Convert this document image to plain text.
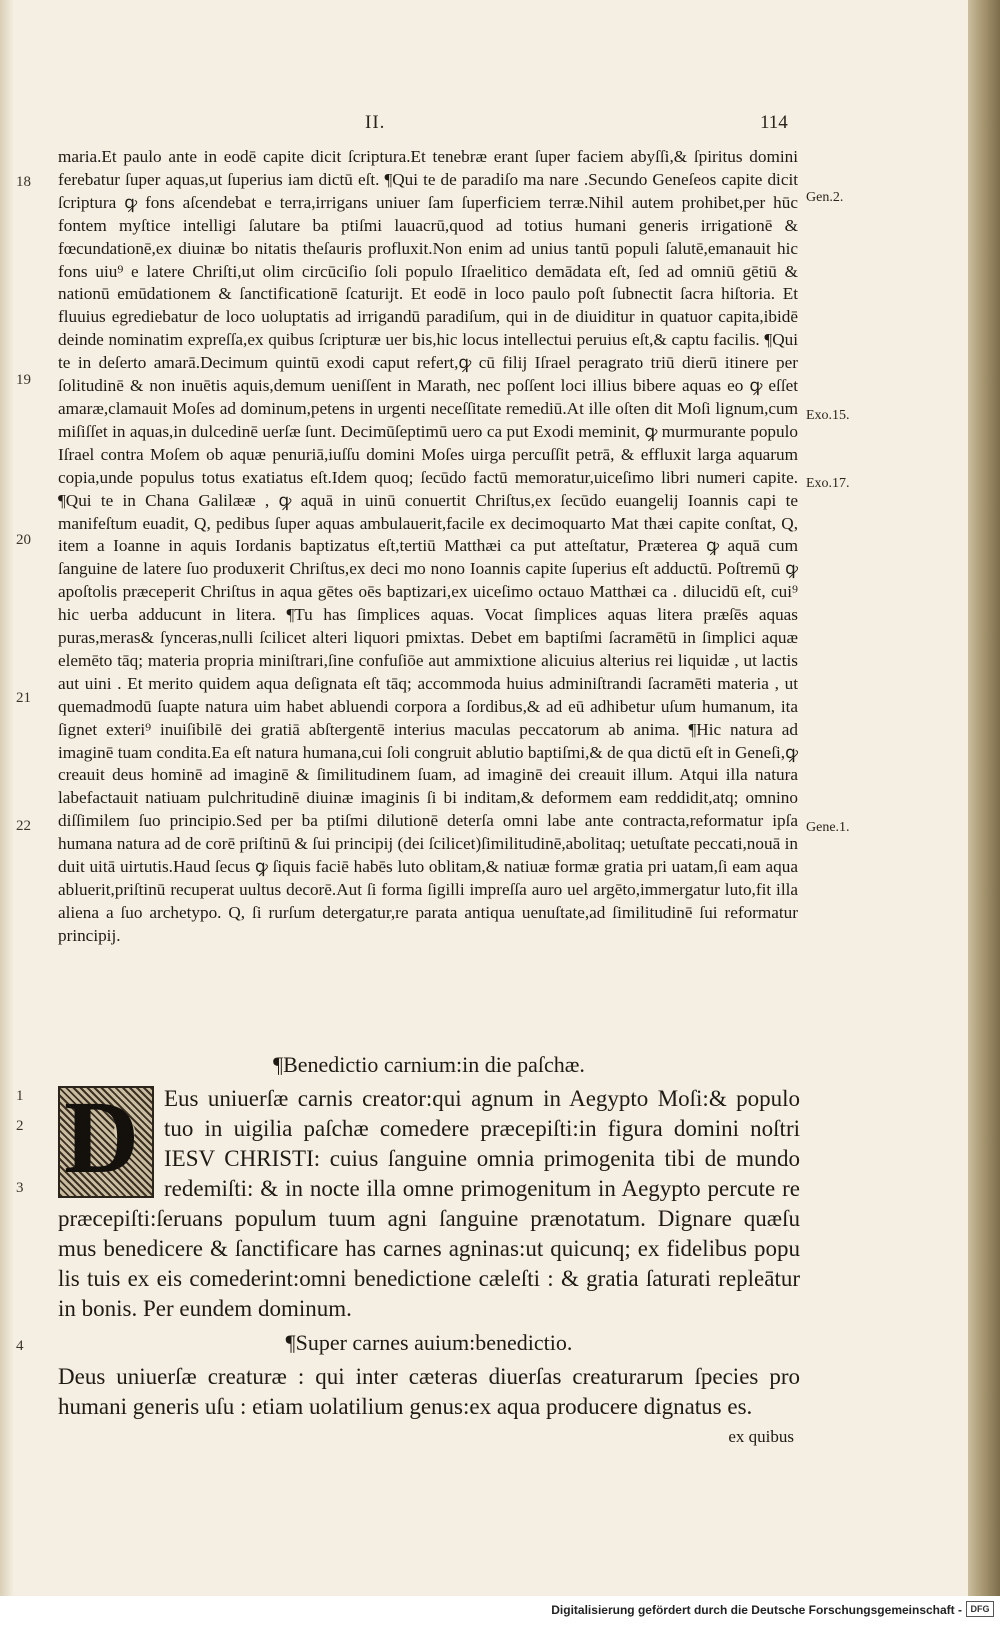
II.	114

maria.Et paulo ante in eodē capite dicit ſcriptura.Et tenebræ erant ſuper faciem abyſſi,& ſpiritus domini ferebatur ſuper aquas,ut ſuperius iam dictū eſt. ¶Qui te de paradiſo ma nare .Secundo Geneſeos capite dicit ſcriptura ꝙ fons aſcendebat e terra,irrigans uniuer ſam ſuperficiem terræ.Nihil autem prohibet,per hūc fontem myſtice intelligi ſalutare ba ptiſmi lauacrū,quod ad totius humani generis irrigationē & fœcundationē,ex diuinæ bo nitatis theſauris profluxit.Non enim ad unius tantū populi ſalutē,emanauit hic fons uiu⁹ e latere Chriſti,ut olim circūciſio ſoli populo Iſraelitico demādata eſt, ſed ad omniū gētiū & nationū emūdationem & ſanctificationē ſcaturijt. Et eodē in loco paulo poſt ſubnectit ſacra hiſtoria. Et fluuius egrediebatur de loco uoluptatis ad irrigandū paradiſum, qui in de diuiditur in quatuor capita,ibidē deinde nominatim expreſſa,ex quibus ſcripturæ uer bis,hic locus intellectui peruius eſt,& captu facilis. ¶Qui te in deſerto amarā.Decimum quintū exodi caput refert,ꝙ cū filij Iſrael peragrato triū dierū itinere per ſolitudinē & non inuētis aquis,demum ueniſſent in Marath, nec poſſent loci illius bibere aquas eo ꝙ eſſet amaræ,clamauit Moſes ad dominum,petens in urgenti neceſſitate remediū.At ille oſten dit Moſi lignum,cum miſiſſet in aquas,in dulcedinē uerſæ ſunt. Decimūſeptimū uero ca put Exodi meminit, ꝙ murmurante populo Iſrael contra Moſem ob aquæ penuriā,iuſſu domini Moſes uirga percuſſit petrā, & effluxit larga aquarum copia,unde populus totus exatiatus eſt.Idem quoq; ſecūdo factū memoratur,uiceſimo libri numeri capite. ¶Qui te in Chana Galilææ , ꝙ aquā in uinū conuertit Chriſtus,ex ſecūdo euangelij Ioannis capi te manifeſtum euadit, Q, pedibus ſuper aquas ambulauerit,facile ex decimoquarto Mat thæi capite conſtat, Q, item a Ioanne in aquis Iordanis baptizatus eſt,tertiū Matthæi ca put atteſtatur, Præterea ꝙ aquā cum ſanguine de latere ſuo produxerit Chriſtus,ex deci mo nono Ioannis capite ſuperius eſt adductū. Poſtremū ꝙ apoſtolis præceperit Chriſtus in aqua gētes oēs baptizari,ex uiceſimo octauo Matthæi ca . dilucidū eſt, cui⁹ hic uerba adducunt in litera. ¶Tu has ſimplices aquas. Vocat ſimplices aquas litera præſēs aquas puras,meras& ſynceras,nulli ſcilicet alteri liquori pmixtas. Debet em baptiſmi ſacramētū in ſimplici aquæ elemēto tāq; materia propria miniſtrari,ſine confuſiōe aut ammixtione alicuius alterius rei liquidæ , ut lactis aut uini . Et merito quidem aqua deſignata eſt tāq; accommoda huius adminiſtrandi ſacramēti materia , ut quemadmodū ſuapte natura uim habet abluendi corpora a ſordibus,& ad eū adhibetur uſum humanum, ita ſignet exteri⁹ inuiſibilē dei gratiā abſtergentē interius maculas peccatorum ab anima. ¶Hic natura ad imaginē tuam condita.Ea eſt natura humana,cui ſoli congruit ablutio baptiſmi,& de qua dictū eſt in Geneſi,ꝙ creauit deus hominē ad imaginē & ſimilitudinem ſuam, ad imaginē dei creauit illum. Atqui illa natura labefactauit natiuam pulchritudinē diuinæ imaginis ſi bi inditam,& deformem eam reddidit,atq; omnino diſſimilem ſuo principio.Sed per ba ptiſmi dilutionē deterſa omni labe ante contracta,reformatur ipſa humana natura ad de corē priſtinū & ſui principij (dei ſcilicet)ſimilitudinē,abolitaq; uetuſtate peccati,nouā in duit uitā uirtutis.Haud ſecus ꝙ ſiquis faciē habēs luto oblitam,& natiuæ formæ gratia pri uatam,ſi eam aqua abluerit,priſtinū recuperat uultus decorē.Aut ſi forma ſigilli impreſſa auro uel argēto,immergatur luto,fit illa aliena a ſuo archetypo. Q, ſi rurſum detergatur,re parata antiqua uenuſtate,ad ſimilitudinē ſui reformatur principij.

¶Benedictio carnium:in die paſchæ.

D Eus uniuerſæ carnis creator:qui agnum in Aegypto Moſi:& populo tuo in uigilia paſchæ comedere præcepiſti:in figura domini noſtri IESV CHRISTI: cuius ſanguine omnia primogenita tibi de mundo redemiſti: & in nocte illa omne primogenitum in Aegypto percute re præcepiſti:ſeruans populum tuum agni ſanguine prænotatum. Dignare quæſu mus benedicere & ſanctificare has carnes agninas:ut quicunq; ex fidelibus popu lis tuis ex eis comederint:omni benedictione cæleſti : & gratia ſaturati repleātur in bonis. Per eundem dominum.

¶Super carnes auium:benedictio.

Deus uniuerſæ creaturæ : qui inter cæteras diuerſas creaturarum ſpecies pro humani generis uſu : etiam uolatilium genus:ex aqua producere dignatus es.

ex quibus

18
19
20
21
22
1
2
3
4
Gen.2.
Exo.15.
Exo.17.
Gene.1.
Digitalisierung gefördert durch die Deutsche Forschungsgemeinschaft - DFG
